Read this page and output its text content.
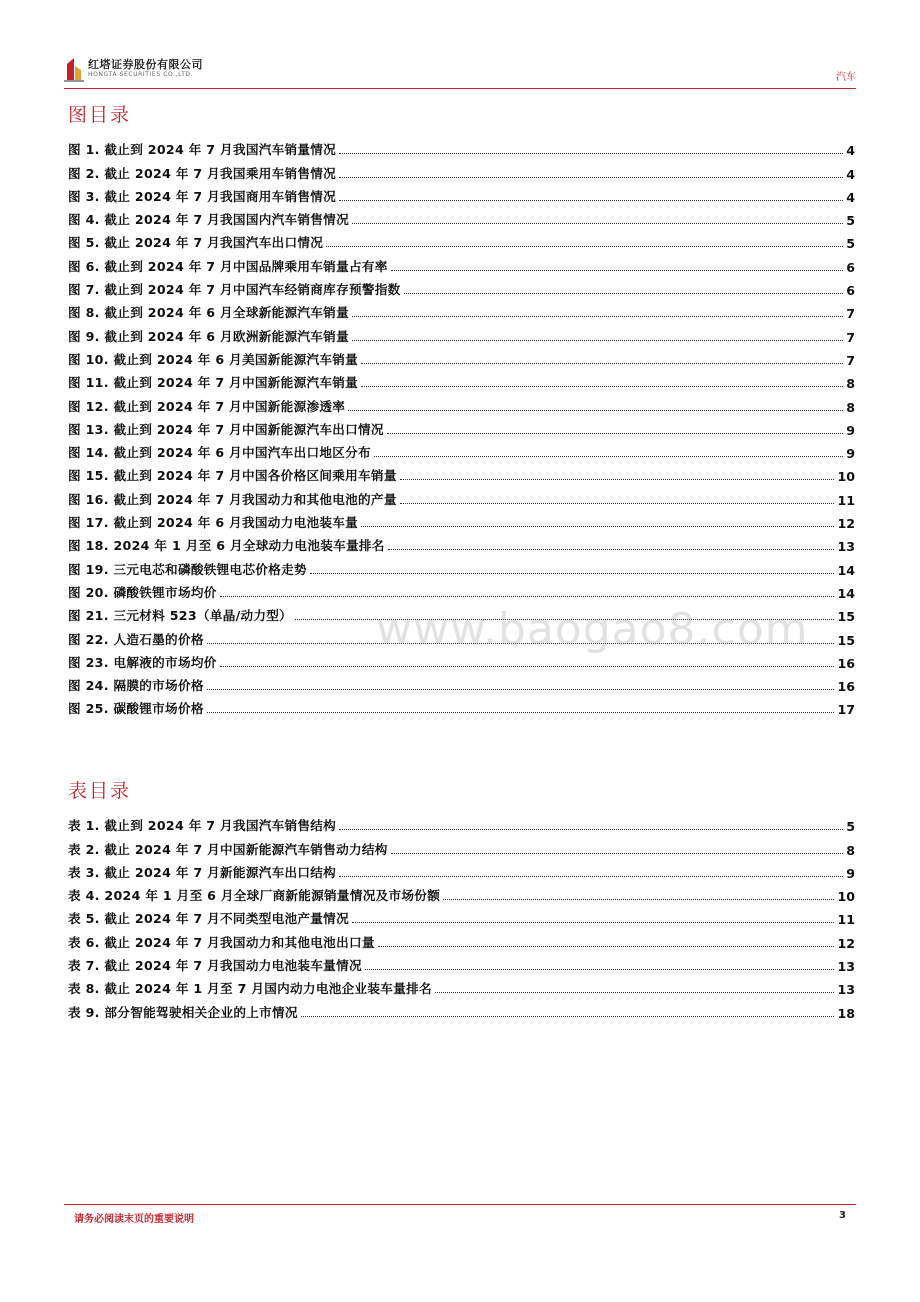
红塔证券股份有限公司
HONGTA SECURITIES CO.,LTD.	汽车
图目录
图 1. 截止到 2024 年 7 月我国汽车销量情况	4
图 2. 截止 2024 年 7 月我国乘用车销售情况	4
图 3. 截止 2024 年 7 月我国商用车销售情况	4
图 4. 截止 2024 年 7 月我国国内汽车销售情况	5
图 5. 截止 2024 年 7 月我国汽车出口情况	5
图 6. 截止到 2024 年 7 月中国品牌乘用车销量占有率	6
图 7. 截止到 2024 年 7 月中国汽车经销商库存预警指数	6
图 8. 截止到 2024 年 6 月全球新能源汽车销量	7
图 9. 截止到 2024 年 6 月欧洲新能源汽车销量	7
图 10. 截止到 2024 年 6 月美国新能源汽车销量	7
图 11. 截止到 2024 年 7 月中国新能源汽车销量	8
图 12. 截止到 2024 年 7 月中国新能源渗透率	8
图 13. 截止到 2024 年 7 月中国新能源汽车出口情况	9
图 14. 截止到 2024 年 6 月中国汽车出口地区分布	9
图 15. 截止到 2024 年 7 月中国各价格区间乘用车销量	10
图 16. 截止到 2024 年 7 月我国动力和其他电池的产量	11
图 17. 截止到 2024 年 6 月我国动力电池装车量	12
图 18. 2024 年 1 月至 6 月全球动力电池装车量排名	13
图 19. 三元电芯和磷酸铁锂电芯价格走势	14
图 20. 磷酸铁锂市场均价	14
图 21. 三元材料 523（单晶/动力型）	15
图 22. 人造石墨的价格	15
图 23. 电解液的市场均价	16
图 24. 隔膜的市场价格	16
图 25. 碳酸锂市场价格	17
表目录
表 1. 截止到 2024 年 7 月我国汽车销售结构	5
表 2. 截止 2024 年 7 月中国新能源汽车销售动力结构	8
表 3. 截止 2024 年 7 月新能源汽车出口结构	9
表 4. 2024 年 1 月至 6 月全球厂商新能源销量情况及市场份额	10
表 5. 截止 2024 年 7 月不同类型电池产量情况	11
表 6. 截止 2024 年 7 月我国动力和其他电池出口量	12
表 7. 截止 2024 年 7 月我国动力电池装车量情况	13
表 8. 截止 2024 年 1 月至 7 月国内动力电池企业装车量排名	13
表 9. 部分智能驾驶相关企业的上市情况	18
www.baogao8.com
请务必阅读末页的重要说明	3
